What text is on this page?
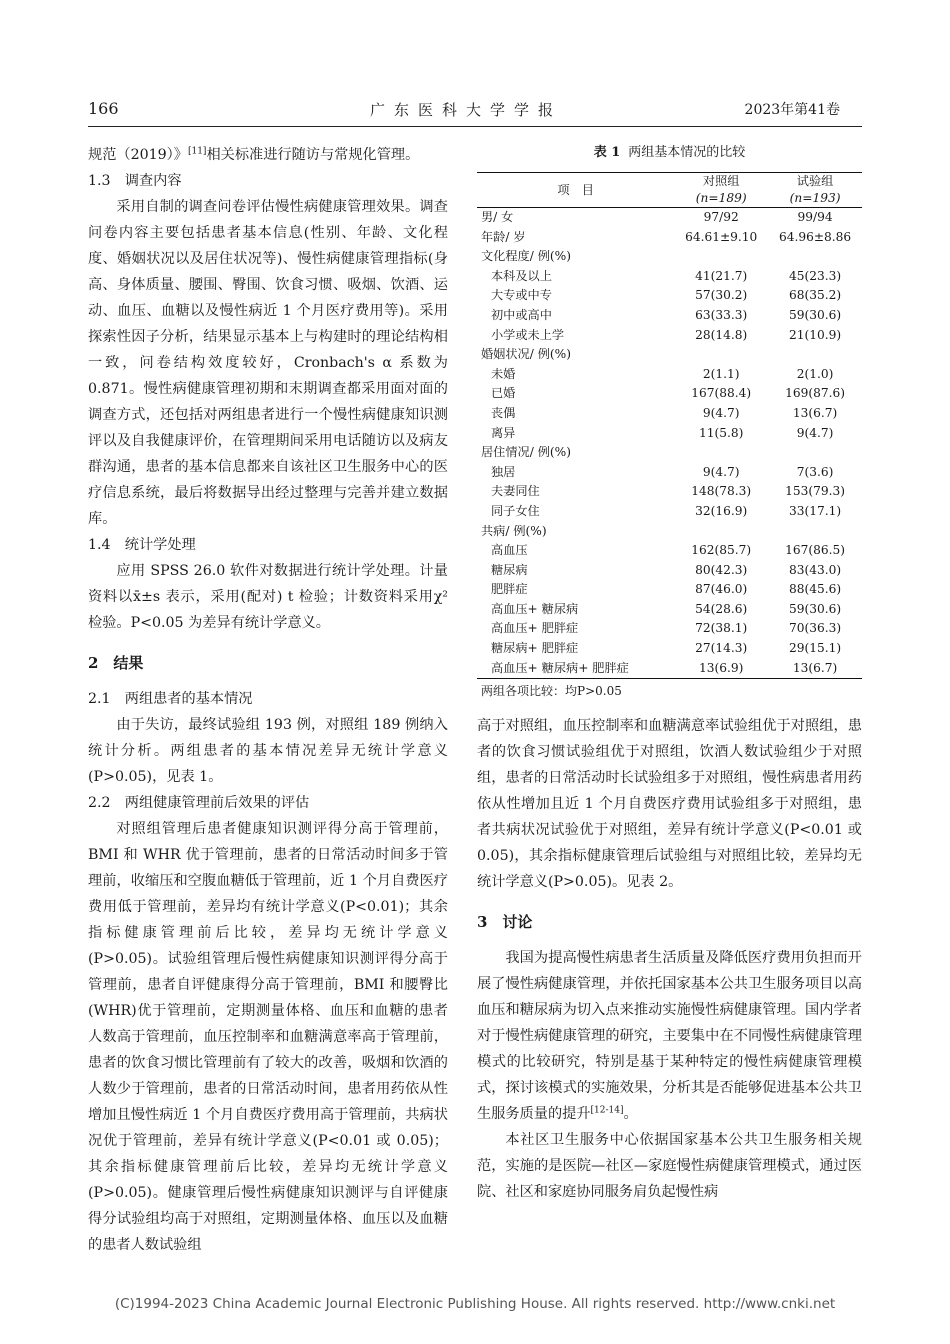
166	广东医科大学学报	2023年第41卷

规范（2019）》[11]相关标准进行随访与常规化管理。

1.3　调查内容

采用自制的调查问卷评估慢性病健康管理效果。调查问卷内容主要包括患者基本信息(性别、年龄、文化程度、婚姻状况以及居住状况等)、慢性病健康管理指标(身高、身体质量、腰围、臀围、饮食习惯、吸烟、饮酒、运动、血压、血糖以及慢性病近 1 个月医疗费用等)。采用探索性因子分析，结果显示基本上与构建时的理论结构相一致，问卷结构效度较好，Cronbach's α 系数为 0.871。慢性病健康管理初期和末期调查都采用面对面的调查方式，还包括对两组患者进行一个慢性病健康知识测评以及自我健康评价，在管理期间采用电话随访以及病友群沟通，患者的基本信息都来自该社区卫生服务中心的医疗信息系统，最后将数据导出经过整理与完善并建立数据库。

1.4　统计学处理

应用 SPSS 26.0 软件对数据进行统计学处理。计量资料以x̄±s 表示，采用(配对) t 检验；计数资料采用χ² 检验。P<0.05 为差异有统计学意义。

2　结果

2.1　两组患者的基本情况

由于失访，最终试验组 193 例，对照组 189 例纳入统计分析。两组患者的基本情况差异无统计学意义(P>0.05)，见表 1。

2.2　两组健康管理前后效果的评估

对照组管理后患者健康知识测评得分高于管理前，BMI 和 WHR 优于管理前，患者的日常活动时间多于管理前，收缩压和空腹血糖低于管理前，近 1 个月自费医疗费用低于管理前，差异均有统计学意义(P<0.01)；其余指标健康管理前后比较，差异均无统计学意义(P>0.05)。试验组管理后慢性病健康知识测评得分高于管理前，患者自评健康得分高于管理前，BMI 和腰臀比(WHR)优于管理前，定期测量体格、血压和血糖的患者人数高于管理前，血压控制率和血糖满意率高于管理前，患者的饮食习惯比管理前有了较大的改善，吸烟和饮酒的人数少于管理前，患者的日常活动时间，患者用药依从性增加且慢性病近 1 个月自费医疗费用高于管理前，共病状况优于管理前，差异有统计学意义(P<0.01 或 0.05)；其余指标健康管理前后比较，差异均无统计学意义(P>0.05)。健康管理后慢性病健康知识测评与自评健康得分试验组均高于对照组，定期测量体格、血压以及血糖的患者人数试验组

表 1 两组基本情况的比较

项　目	对照组	试验组
	(n=189)	(n=193)
男/ 女	97/92	99/94
年龄/ 岁	64.61±9.10	64.96±8.86
文化程度/ 例(%)		
本科及以上	41(21.7)	45(23.3)
大专或中专	57(30.2)	68(35.2)
初中或高中	63(33.3)	59(30.6)
小学或未上学	28(14.8)	21(10.9)
婚姻状况/ 例(%)		
未婚	2(1.1)	2(1.0)
已婚	167(88.4)	169(87.6)
丧偶	9(4.7)	13(6.7)
离异	11(5.8)	9(4.7)
居住情况/ 例(%)		
独居	9(4.7)	7(3.6)
夫妻同住	148(78.3)	153(79.3)
同子女住	32(16.9)	33(17.1)
共病/ 例(%)		
高血压	162(85.7)	167(86.5)
糖尿病	80(42.3)	83(43.0)
肥胖症	87(46.0)	88(45.6)
高血压+ 糖尿病	54(28.6)	59(30.6)
高血压+ 肥胖症	72(38.1)	70(36.3)
糖尿病+ 肥胖症	27(14.3)	29(15.1)
高血压+ 糖尿病+ 肥胖症	13(6.9)	13(6.7)

两组各项比较：均P>0.05

高于对照组，血压控制率和血糖满意率试验组优于对照组，患者的饮食习惯试验组优于对照组，饮酒人数试验组少于对照组，患者的日常活动时长试验组多于对照组，慢性病患者用药依从性增加且近 1 个月自费医疗费用试验组多于对照组，患者共病状况试验优于对照组，差异有统计学意义(P<0.01 或 0.05)，其余指标健康管理后试验组与对照组比较，差异均无统计学意义(P>0.05)。见表 2。

3　讨论

我国为提高慢性病患者生活质量及降低医疗费用负担而开展了慢性病健康管理，并依托国家基本公共卫生服务项目以高血压和糖尿病为切入点来推动实施慢性病健康管理。国内学者对于慢性病健康管理的研究，主要集中在不同慢性病健康管理模式的比较研究，特别是基于某种特定的慢性病健康管理模式，探讨该模式的实施效果，分析其是否能够促进基本公共卫生服务质量的提升[12-14]。

本社区卫生服务中心依据国家基本公共卫生服务相关规范，实施的是医院—社区—家庭慢性病健康管理模式，通过医院、社区和家庭协同服务肩负起慢性病

(C)1994-2023 China Academic Journal Electronic Publishing House. All rights reserved. http://www.cnki.net
